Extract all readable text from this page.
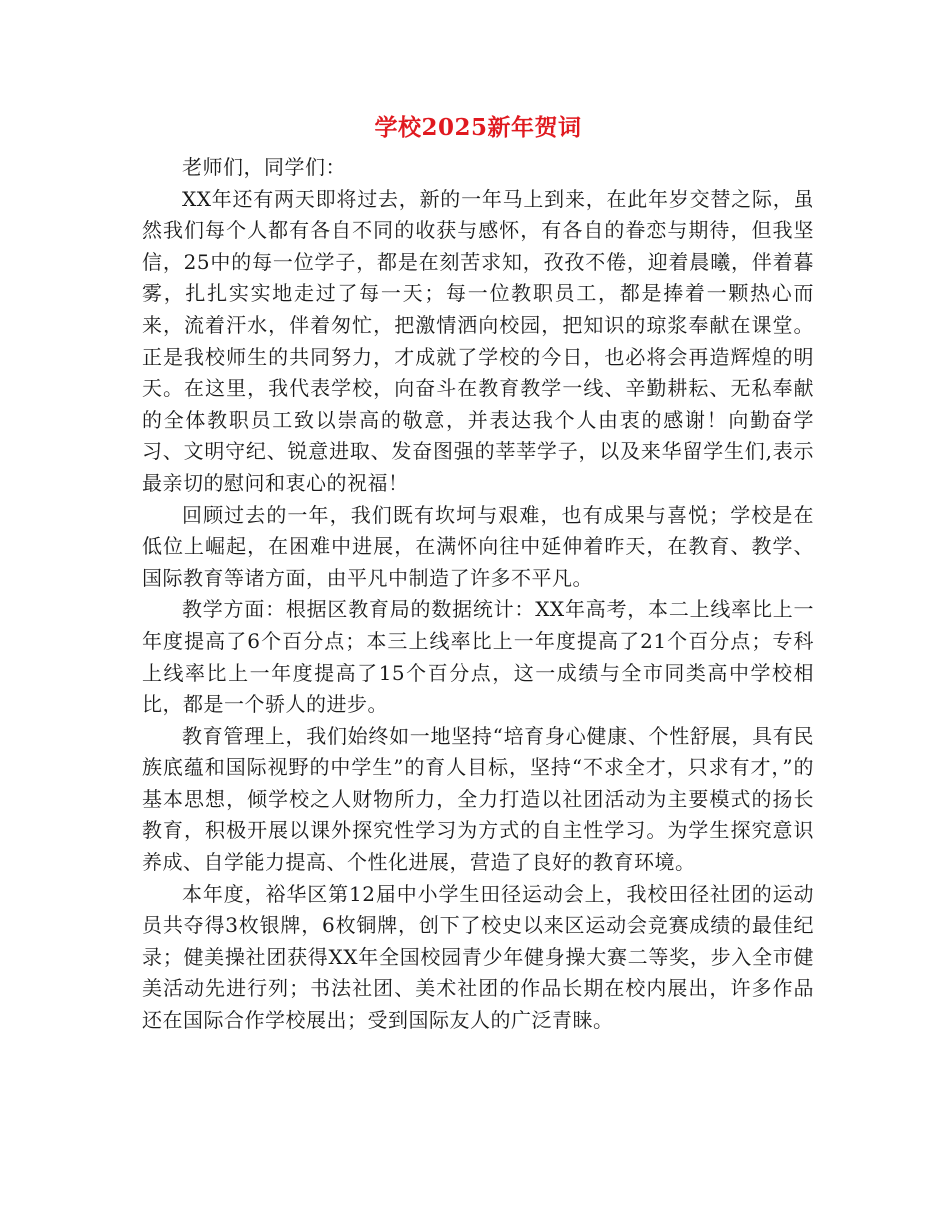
学校2025新年贺词

老师们，同学们：

XX年还有两天即将过去，新的一年马上到来，在此年岁交替之际，虽然我们每个人都有各自不同的收获与感怀，有各自的眷恋与期待，但我坚信，25中的每一位学子，都是在刻苦求知，孜孜不倦，迎着晨曦，伴着暮雾，扎扎实实地走过了每一天；每一位教职员工，都是捧着一颗热心而来，流着汗水，伴着匆忙，把激情洒向校园，把知识的琼浆奉献在课堂。正是我校师生的共同努力，才成就了学校的今日，也必将会再造辉煌的明天。在这里，我代表学校，向奋斗在教育教学一线、辛勤耕耘、无私奉献的全体教职员工致以崇高的敬意，并表达我个人由衷的感谢！向勤奋学习、文明守纪、锐意进取、发奋图强的莘莘学子，以及来华留学生们,表示最亲切的慰问和衷心的祝福！

回顾过去的一年，我们既有坎坷与艰难，也有成果与喜悦；学校是在低位上崛起，在困难中进展，在满怀向往中延伸着昨天，在教育、教学、国际教育等诸方面，由平凡中制造了许多不平凡。

教学方面：根据区教育局的数据统计：XX年高考，本二上线率比上一年度提高了6个百分点；本三上线率比上一年度提高了21个百分点；专科上线率比上一年度提高了15个百分点，这一成绩与全市同类高中学校相比，都是一个骄人的进步。

教育管理上，我们始终如一地坚持“培育身心健康、个性舒展，具有民族底蕴和国际视野的中学生”的育人目标，坚持“不求全才，只求有才，”的基本思想，倾学校之人财物所力，全力打造以社团活动为主要模式的扬长教育，积极开展以课外探究性学习为方式的自主性学习。为学生探究意识养成、自学能力提高、个性化进展，营造了良好的教育环境。

本年度，裕华区第12届中小学生田径运动会上，我校田径社团的运动员共夺得3枚银牌，6枚铜牌，创下了校史以来区运动会竞赛成绩的最佳纪录；健美操社团获得XX年全国校园青少年健身操大赛二等奖，步入全市健美活动先进行列；书法社团、美术社团的作品长期在校内展出，许多作品还在国际合作学校展出；受到国际友人的广泛青睐。
